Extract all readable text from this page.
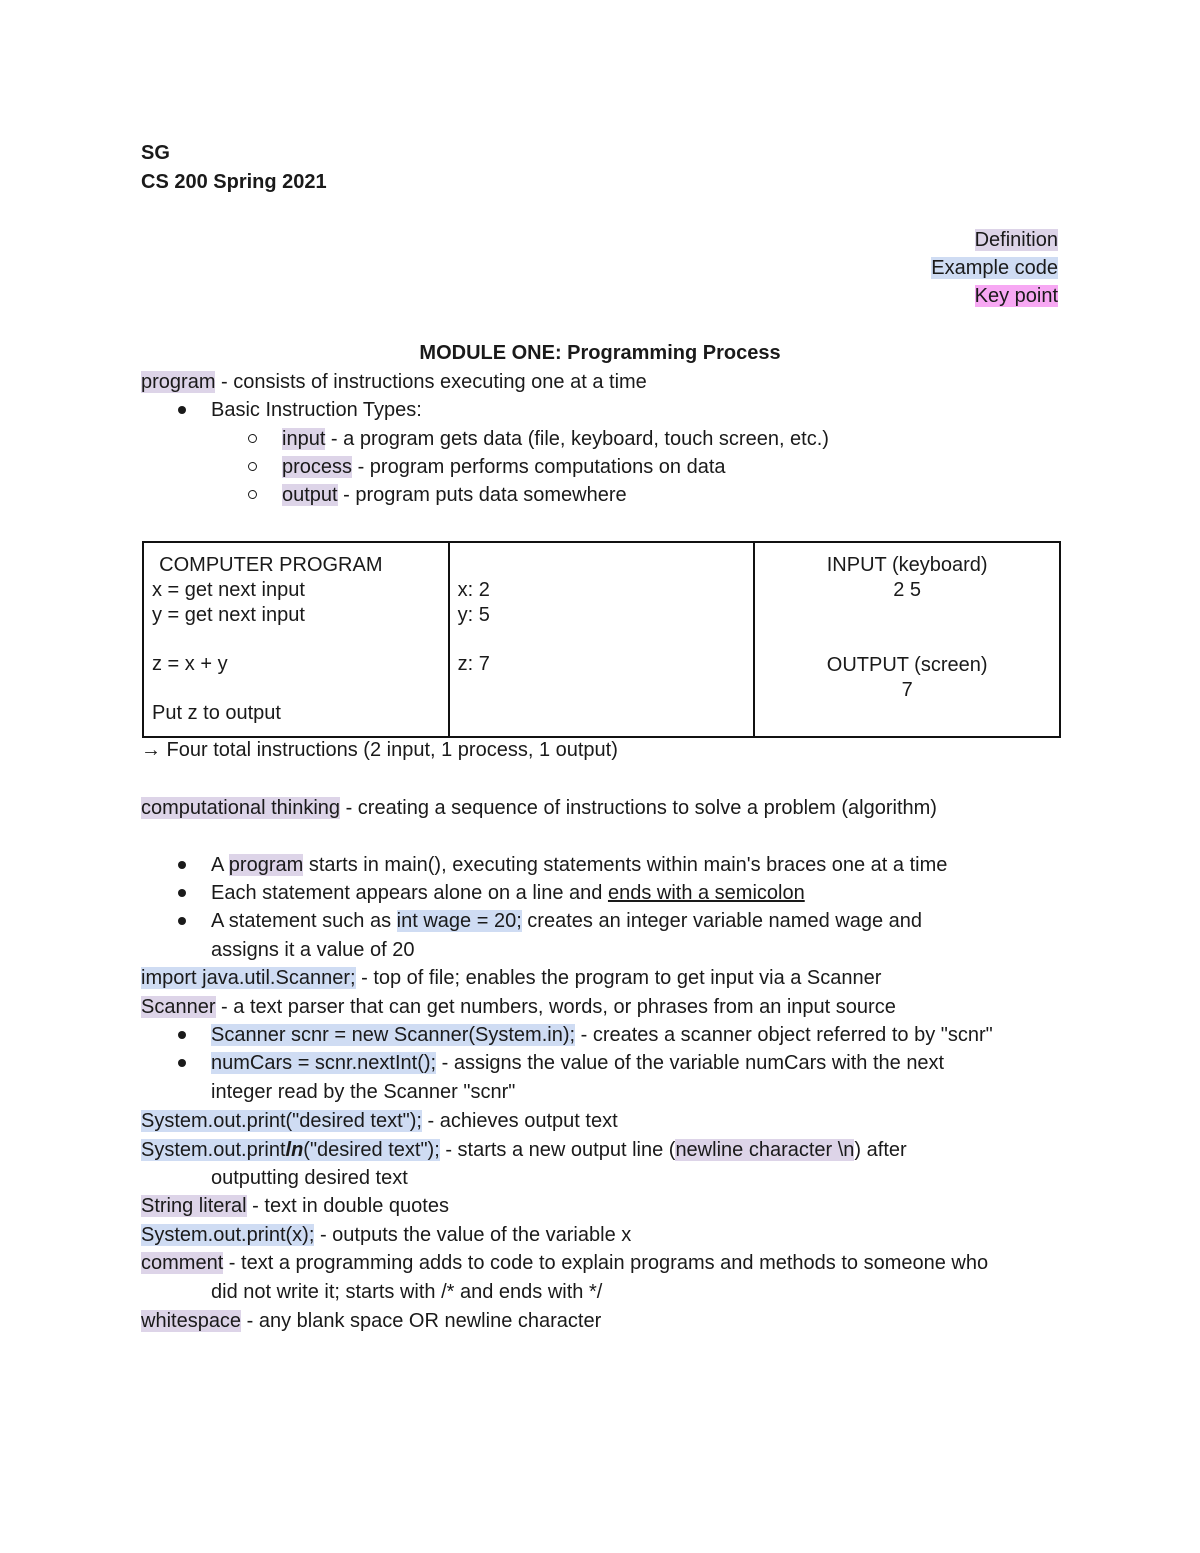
SG
CS 200 Spring 2021
Definition
Example code
Key point
MODULE ONE: Programming Process
program - consists of instructions executing one at a time
Basic Instruction Types:
input - a program gets data (file, keyboard, touch screen, etc.)
process - program performs computations on data
output - program puts data somewhere
COMPUTER PROGRAM
x = get next input
y = get next input
z = x + y
Put z to output

x: 2
y: 5
z: 7

INPUT (keyboard)
2 5
OUTPUT (screen)
7
→ Four total instructions (2 input, 1 process, 1 output)
computational thinking - creating a sequence of instructions to solve a problem (algorithm)
A program starts in main(), executing statements within main's braces one at a time
Each statement appears alone on a line and ends with a semicolon
A statement such as int wage = 20; creates an integer variable named wage and
assigns it a value of 20
import java.util.Scanner; - top of file; enables the program to get input via a Scanner
Scanner - a text parser that can get numbers, words, or phrases from an input source
Scanner scnr = new Scanner(System.in); - creates a scanner object referred to by "scnr"
numCars = scnr.nextInt(); - assigns the value of the variable numCars with the next
integer read by the Scanner "scnr"
System.out.print("desired text"); - achieves output text
System.out.println("desired text"); - starts a new output line (newline character \n) after
outputting desired text
String literal - text in double quotes
System.out.print(x); - outputs the value of the variable x
comment - text a programming adds to code to explain programs and methods to someone who
did not write it; starts with /* and ends with */
whitespace - any blank space OR newline character
